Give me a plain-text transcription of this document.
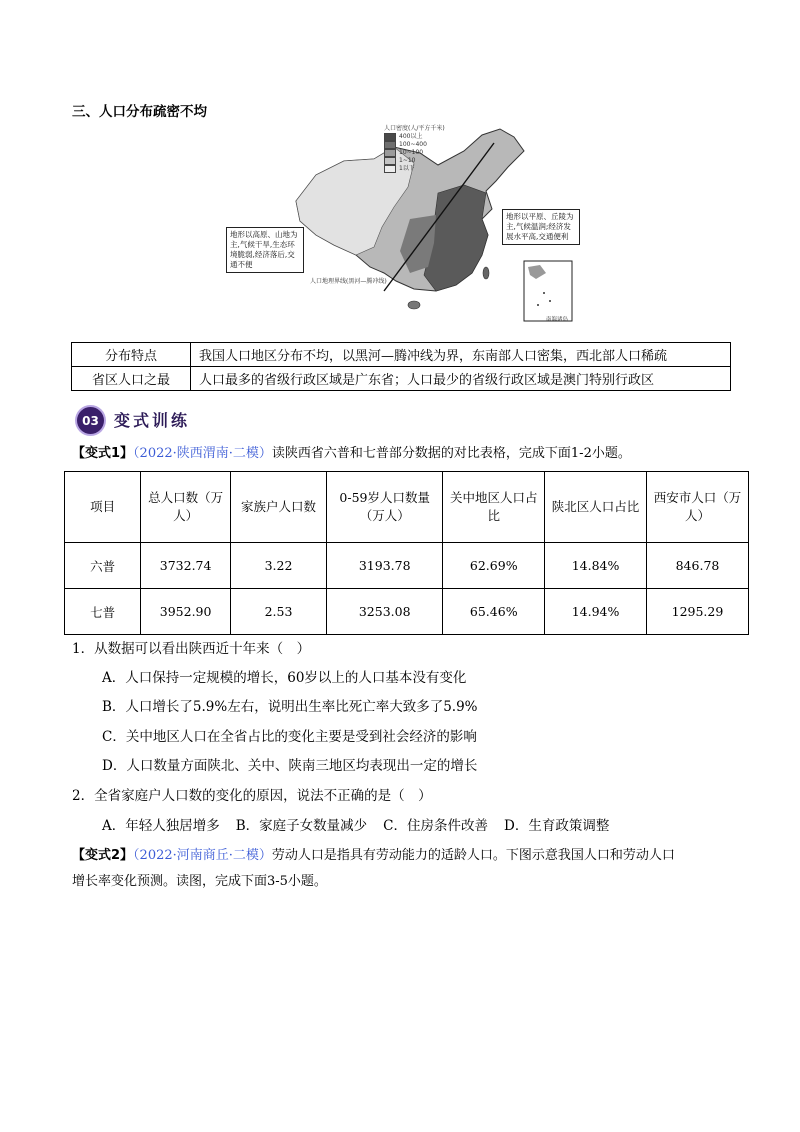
三、人口分布疏密不均
人口密度(人/平方千米)
400以上
100~400
10~100
1~10
1以下
地形以高原、山地为主,气候干旱,生态环境脆弱,经济落后,交通不便
地形以平原、丘陵为主,气候温润;经济发展水平高,交通便利
人口地理界线(黑河—腾冲线)
南海诸岛
分布特点	我国人口地区分布不均，以黑河—腾冲线为界，东南部人口密集，西北部人口稀疏
省区人口之最	人口最多的省级行政区域是广东省；人口最少的省级行政区域是澳门特别行政区
03 变式训练
【变式1】（2022·陕西渭南·二模）读陕西省六普和七普部分数据的对比表格，完成下面1-2小题。
项目	总人口数（万人）	家族户人口数	0-59岁人口数量（万人）	关中地区人口占比	陕北区人口占比	西安市人口（万人）
六普	3732.74	3.22	3193.78	62.69%	14.84%	846.78
七普	3952.90	2.53	3253.08	65.46%	14.94%	1295.29
1．从数据可以看出陕西近十年来（　）
A．人口保持一定规模的增长，60岁以上的人口基本没有变化
B．人口增长了5.9%左右，说明出生率比死亡率大致多了5.9%
C．关中地区人口在全省占比的变化主要是受到社会经济的影响
D．人口数量方面陕北、关中、陕南三地区均表现出一定的增长
2．全省家庭户人口数的变化的原因，说法不正确的是（　）
A．年轻人独居增多 B．家庭子女数量减少 C．住房条件改善 D．生育政策调整
【变式2】（2022·河南商丘·二模）劳动人口是指具有劳动能力的适龄人口。下图示意我国人口和劳动人口
增长率变化预测。读图，完成下面3-5小题。
